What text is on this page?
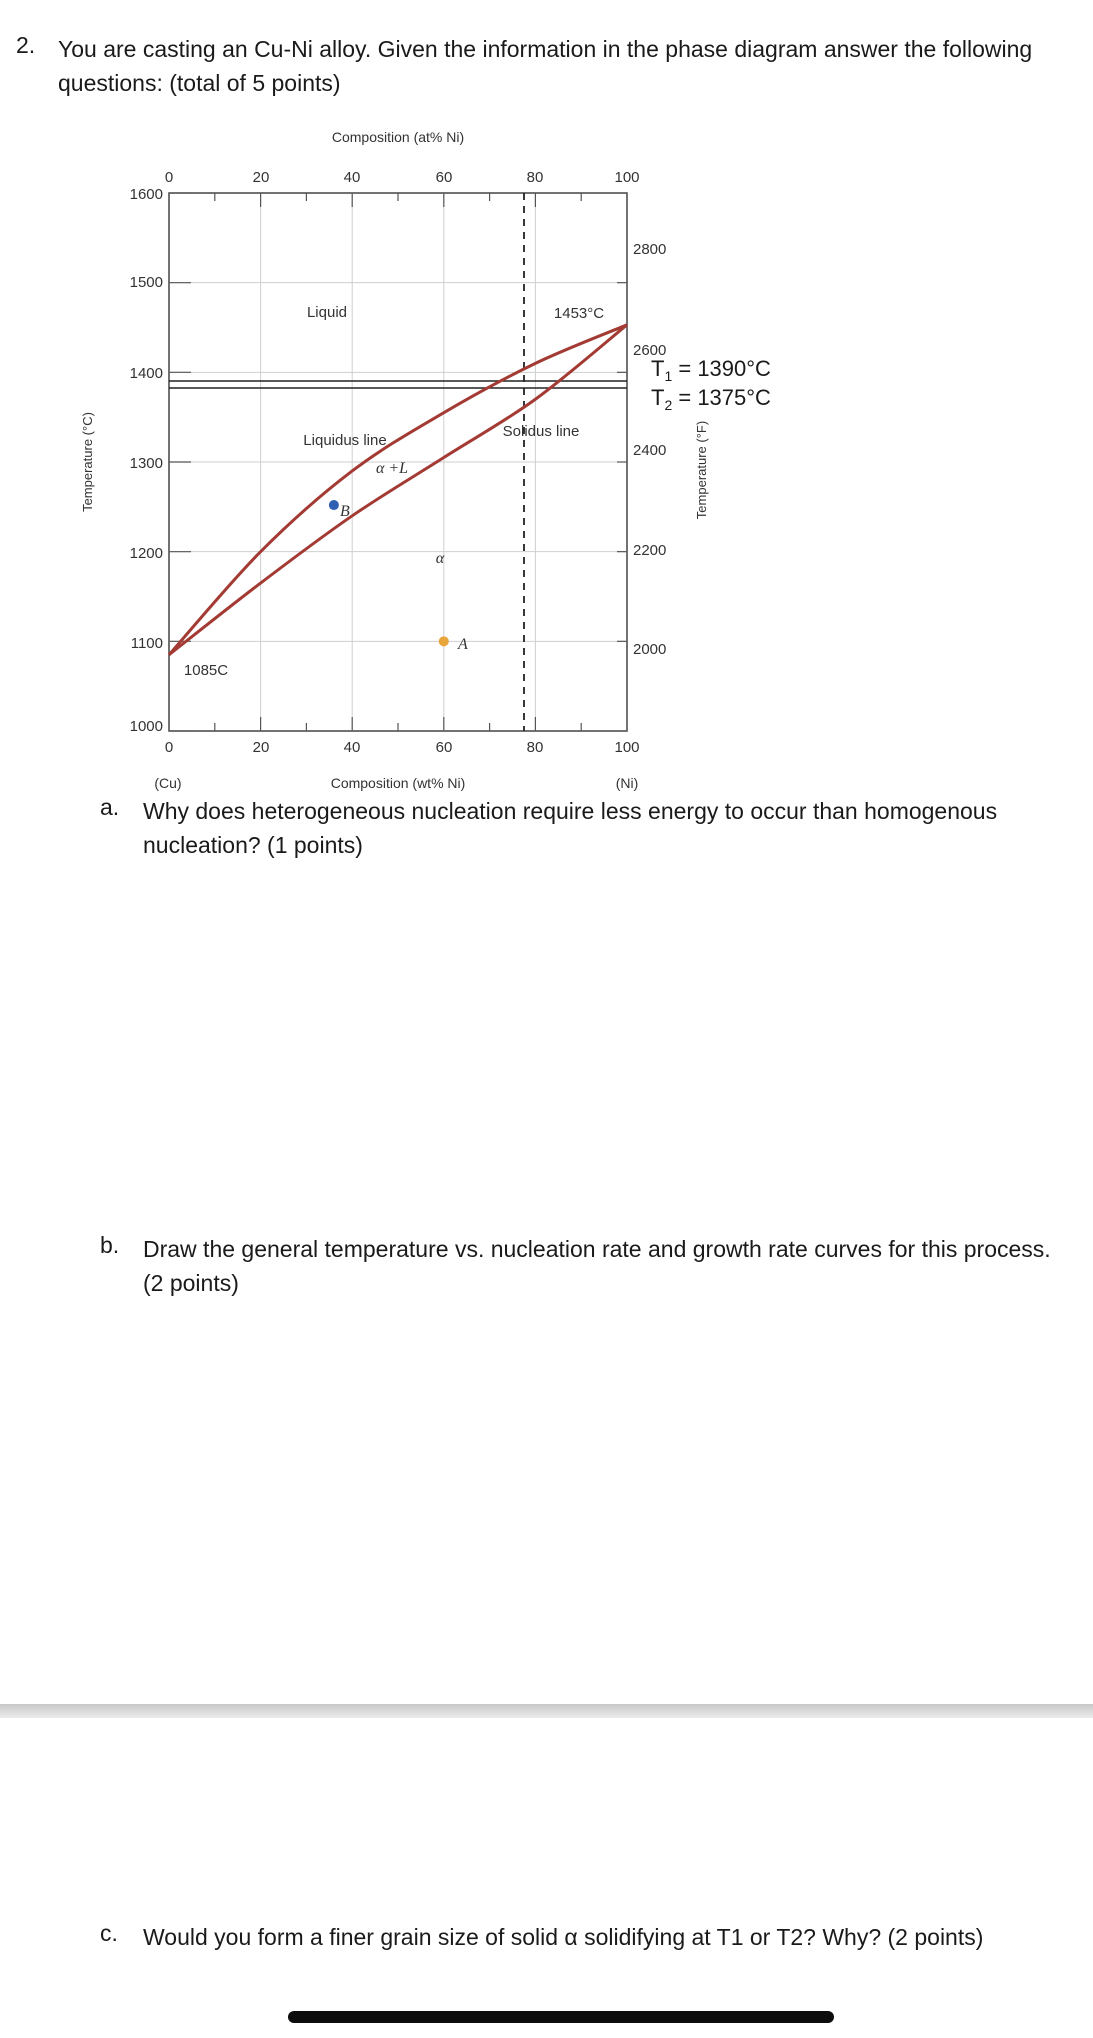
2. You are casting an Cu-Ni alloy. Given the information in the phase diagram answer the following questions: (total of 5 points)
Composition (at% Ni)
0	20	40	60	80	100
0	20	40	60	80	100
(Cu)	Composition (wt% Ni)	(Ni)
1600
1500
1400
1300
1200
1100
1000
Temperature (°C)
2800
2600
2400
2200
2000
Temperature (°F)
Liquid	1453°C
Liquidus line
Solidus line
α +L
α
1085C
A
B
$T_1 = 1390^\circ C$
$T_2 = 1375^\circ C$
a. Why does heterogeneous nucleation require less energy to occur than homogenous nucleation? (1 points)
b. Draw the general temperature vs. nucleation rate and growth rate curves for this process. (2 points)
c. Would you form a finer grain size of solid α solidifying at T1 or T2? Why? (2 points)
